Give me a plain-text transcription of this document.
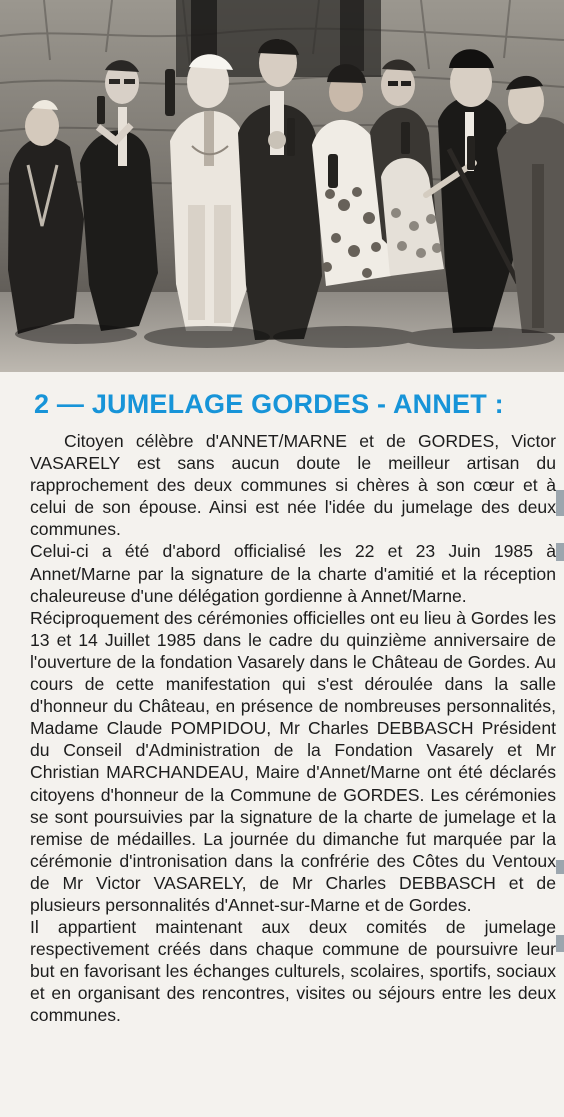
2 — JUMELAGE GORDES - ANNET :

Citoyen célèbre d'ANNET/MARNE et de GORDES, Victor VASARELY est sans aucun doute le meilleur artisan du rapprochement des deux communes si chères à son cœur et à celui de son épouse. Ainsi est née l'idée du jumelage des deux communes.

Celui-ci a été d'abord officialisé les 22 et 23 Juin 1985 à Annet/Marne par la signature de la charte d'amitié et la réception chaleureuse d'une délégation gordienne à Annet/Marne.

Réciproquement des cérémonies officielles ont eu lieu à Gordes les 13 et 14 Juillet 1985 dans le cadre du quinzième anniversaire de l'ouverture de la fondation Vasarely dans le Château de Gordes. Au cours de cette manifestation qui s'est déroulée dans la salle d'honneur du Château, en présence de nombreuses personnalités, Madame Claude POMPIDOU, Mr Charles DEBBASCH Président du Conseil d'Administration de la Fondation Vasarely et Mr Christian MARCHANDEAU, Maire d'Annet/Marne ont été déclarés citoyens d'honneur de la Commune de GORDES. Les cérémonies se sont poursuivies par la signature de la charte de jumelage et la remise de médailles. La journée du dimanche fut marquée par la cérémonie d'intronisation dans la confrérie des Côtes du Ventoux de Mr Victor VASARELY, de Mr Charles DEBBASCH et de plusieurs personnalités d'Annet-sur-Marne et de Gordes.

Il appartient maintenant aux deux comités de jumelage respectivement créés dans chaque commune de poursuivre leur but en favorisant les échanges culturels, scolaires, sportifs, sociaux et en organisant des rencontres, visites ou séjours entre les deux communes.
